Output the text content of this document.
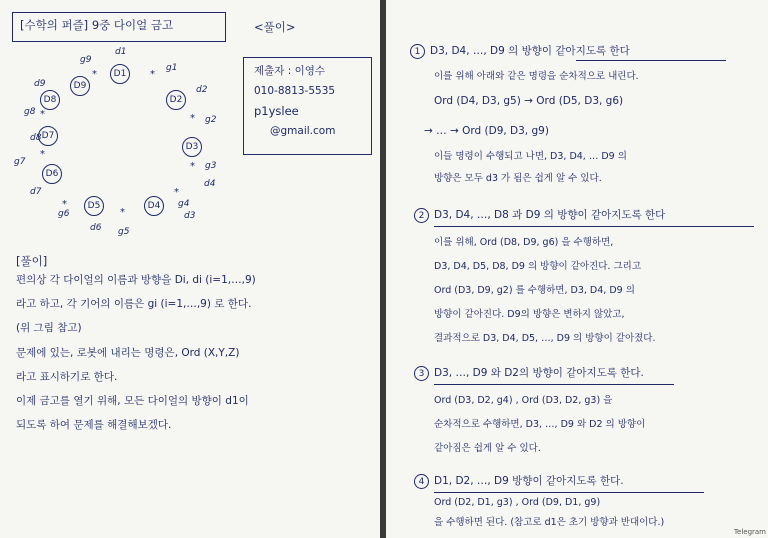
[수학의 퍼즐] 9중 다이얼 금고	<풀이>
제출자 : 이영수
010-8813-5535
p1yslee
@gmail.com
D1
D2
D3
D4
D5
D6
D7
D8
D9
d1
d2
d3
d4
d6
d7
d8
d9
*
g1
* g2
* g3
*
g4
*
g5
*
g6
*
g7
*
g8
*
g9
[풀이]
편의상 각 다이얼의 이름과 방향을 Di, di (i=1,…,9)
라고 하고, 각 기어의 이름은 gi (i=1,…,9) 로 한다.
(위 그림 참고)
문제에 있는, 로봇에 내리는 명령은, Ord (X,Y,Z)
라고 표시하기로 한다.
이제 금고를 열기 위해, 모든 다이얼의 방향이 d1이
되도록 하여 문제를 해결해보겠다.
1 D3, D4, …, D9 의 방향이 같아지도록 한다
이를 위해 아래와 같은 명령을 순차적으로 내린다.
Ord (D4, D3, g5) → Ord (D5, D3, g6)
→ … → Ord (D9, D3, g9)
이들 명령이 수행되고 나면, D3, D4, … D9 의
방향은 모두 d3 가 됨은 쉽게 알 수 있다.
2 D3, D4, …, D8 과 D9 의 방향이 같아지도록 한다
이를 위해, Ord (D8, D9, g6) 을 수행하면,
D3, D4, D5, D8, D9 의 방향이 같아진다. 그리고
Ord (D3, D9, g2) 를 수행하면, D3, D4, D9 의
방향이 같아진다. D9의 방향은 변하지 않았고,
결과적으로 D3, D4, D5, …, D9 의 방향이 같아졌다.
3 D3, …, D9 와 D2의 방향이 같아지도록 한다.
Ord (D3, D2, g4) , Ord (D3, D2, g3) 을
순차적으로 수행하면, D3, …, D9 와 D2 의 방향이
같아짐은 쉽게 알 수 있다.
4 D1, D2, …, D9 방향이 같아지도록 한다.
Ord (D2, D1, g3) , Ord (D9, D1, g9)
을 수행하면 된다. (참고로 d1은 초기 방향과 반대이다.)
Telegram
